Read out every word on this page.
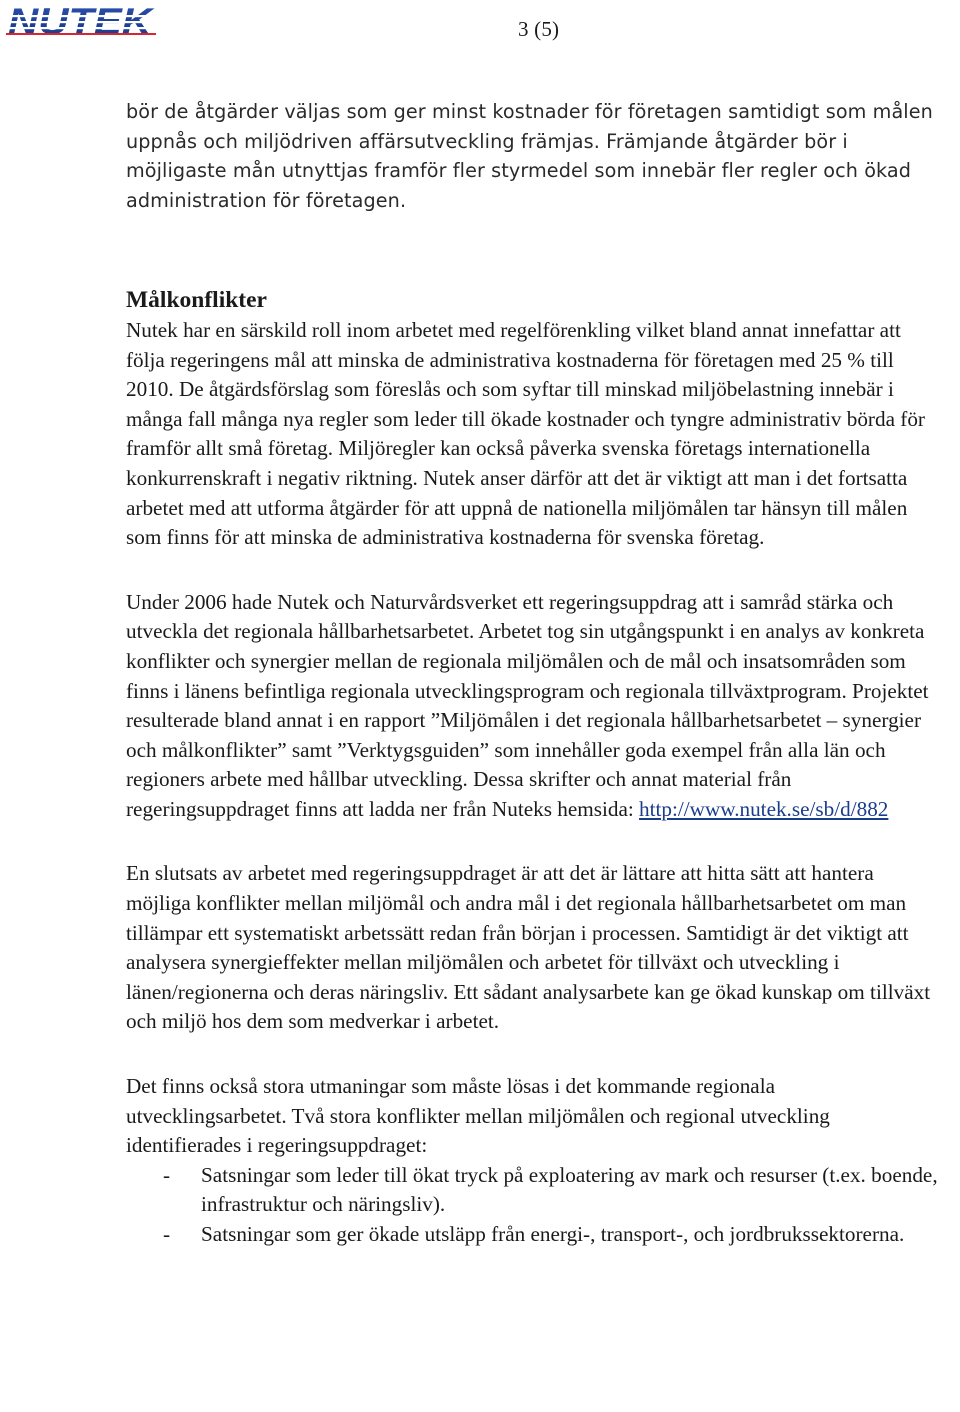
3 (5)

bör de åtgärder väljas som ger minst kostnader för företagen samtidigt som målen uppnås och miljödriven affärsutveckling främjas. Främjande åtgärder bör i möjligaste mån utnyttjas framför fler styrmedel som innebär fler regler och ökad administration för företagen.

Målkonflikter

Nutek har en särskild roll inom arbetet med regelförenkling vilket bland annat innefattar att följa regeringens mål att minska de administrativa kostnaderna för företagen med 25 % till 2010. De åtgärdsförslag som föreslås och som syftar till minskad miljöbelastning innebär i många fall många nya regler som leder till ökade kostnader och tyngre administrativ börda för framför allt små företag. Miljöregler kan också påverka svenska företags internationella konkurrenskraft i negativ riktning. Nutek anser därför att det är viktigt att man i det fortsatta arbetet med att utforma åtgärder för att uppnå de nationella miljömålen tar hänsyn till målen som finns för att minska de administrativa kostnaderna för svenska företag.

Under 2006 hade Nutek och Naturvårdsverket ett regeringsuppdrag att i samråd stärka och utveckla det regionala hållbarhetsarbetet. Arbetet tog sin utgångspunkt i en analys av konkreta konflikter och synergier mellan de regionala miljömålen och de mål och insatsområden som finns i länens befintliga regionala utvecklingsprogram och regionala tillväxtprogram. Projektet resulterade bland annat i en rapport ”Miljömålen i det regionala hållbarhetsarbetet – synergier och målkonflikter” samt ”Verktygsguiden” som innehåller goda exempel från alla län och regioners arbete med hållbar utveckling. Dessa skrifter och annat material från regeringsuppdraget finns att ladda ner från Nuteks hemsida: http://www.nutek.se/sb/d/882

En slutsats av arbetet med regeringsuppdraget är att det är lättare att hitta sätt att hantera möjliga konflikter mellan miljömål och andra mål i det regionala hållbarhetsarbetet om man tillämpar ett systematiskt arbetssätt redan från början i processen. Samtidigt är det viktigt att analysera synergieffekter mellan miljömålen och arbetet för tillväxt och utveckling i länen/regionerna och deras näringsliv. Ett sådant analysarbete kan ge ökad kunskap om tillväxt och miljö hos dem som medverkar i arbetet.

Det finns också stora utmaningar som måste lösas i det kommande regionala utvecklingsarbetet. Två stora konflikter mellan miljömålen och regional utveckling identifierades i regeringsuppdraget:

- Satsningar som leder till ökat tryck på exploatering av mark och resurser (t.ex. boende, infrastruktur och näringsliv).
- Satsningar som ger ökade utsläpp från energi-, transport-, och jordbrukssektorerna.
